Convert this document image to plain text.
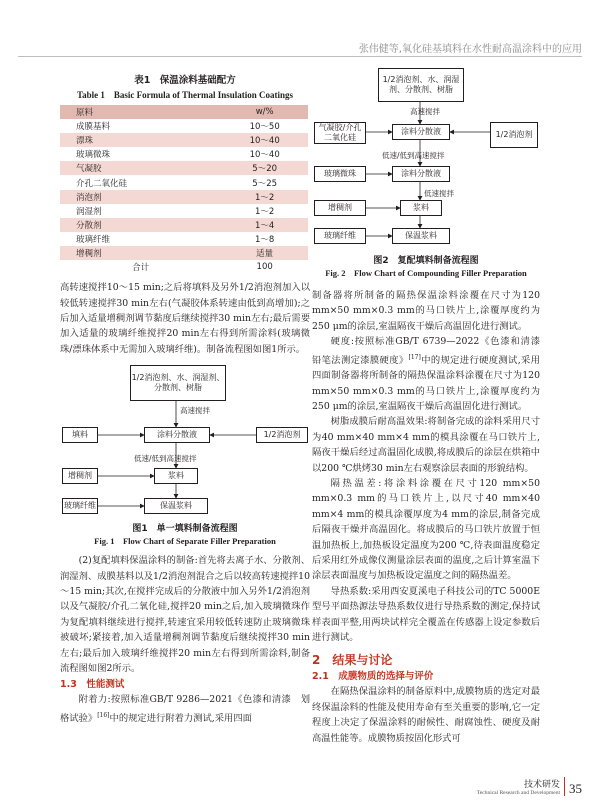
张伟健等,氧化硅基填料在水性耐高温涂料中的应用
表1　保温涂料基础配方
Table 1　Basic Formula of Thermal Insulation Coatings
原料	w/%
成膜基料	10～50
漂珠	10～40
玻璃微珠	10～40
气凝胶	5～20
介孔二氧化硅	5～25
消泡剂	1～2
润湿剂	1～2
分散剂	1～4
玻璃纤维	1～8
增稠剂	适量
合计	100

高转速搅拌10～15 min;之后将填料及另外1/2消泡剂加入以较低转速搅拌30 min左右(气凝胶体系转速由低到高增加);之后加入适量增稠剂调节黏度后继续搅拌30 min左右;最后需要加入适量的玻璃纤维搅拌20 min左右得到所需涂料(玻璃微珠/漂珠体系中无需加入玻璃纤维)。制备流程图如图1所示。

1/2消泡剂、水、润湿剂、分散剂、树脂
高速搅拌
填料	涂料分散液	1/2消泡剂
低速/低到高速搅拌
增稠剂	浆料
玻璃纤维	保温浆料
图1　单一填料制备流程图
Fig. 1　Flow Chart of Separate Filler Preparation

(2)复配填料保温涂料的制备:首先将去离子水、分散剂、润湿剂、成膜基料以及1/2消泡剂混合之后以较高转速搅拌10～15 min;其次,在搅拌完成后的分散液中加入另外1/2消泡剂以及气凝胶/介孔二氧化硅,搅拌20 min之后,加入玻璃微珠作为复配填料继续进行搅拌,转速宜采用较低转速防止玻璃微珠被破坏;紧接着,加入适量增稠剂调节黏度后继续搅拌30 min左右;最后加入玻璃纤维搅拌20 min左右得到所需涂料,制备流程图如图2所示。

1.3　性能测试

附着力:按照标准GB/T 9286—2021《色漆和清漆　划格试验》[16]中的规定进行附着力测试,采用四面

1/2消泡剂、水、润湿剂、分散剂、树脂
高速搅拌
气凝胶/介孔二氧化硅
涂料分散液	1/2消泡剂
低速/低到高速搅拌
玻璃微珠	涂料分散液
低速搅拌
增稠剂	浆料
玻璃纤维	保温浆料
图2　复配填料制备流程图
Fig. 2　Flow Chart of Compounding Filler Preparation

制备器将所制备的隔热保温涂料涂覆在尺寸为120 mm×50 mm×0.3 mm的马口铁片上,涂覆厚度约为250 μm的涂层,室温隔夜干燥后高温固化进行测试。

硬度:按照标准GB/T 6739—2022《色漆和清漆　铅笔法测定漆膜硬度》[17]中的规定进行硬度测试,采用四面制备器将所制备的隔热保温涂料涂覆在尺寸为120 mm×50 mm×0.3 mm的马口铁片上,涂覆厚度约为250 μm的涂层,室温隔夜干燥后高温固化进行测试。

树脂成膜后耐高温效果:将制备完成的涂料采用尺寸为40 mm×40 mm×4 mm的模具涂覆在马口铁片上,隔夜干燥后经过高温固化成膜,将成膜后的涂层在烘箱中以200 ℃烘烤30 min左右观察涂层表面的形貌结构。

隔热温差:将涂料涂覆在尺寸120 mm×50 mm×0.3 mm的马口铁片上,以尺寸40 mm×40 mm×4 mm的模具涂覆厚度为4 mm的涂层,制备完成后隔夜干燥并高温固化。将成膜后的马口铁片放置于恒温加热板上,加热板设定温度为200 ℃,待表面温度稳定后采用红外成像仪测量涂层表面的温度,之后计算室温下涂层表面温度与加热板设定温度之间的隔热温差。

导热系数:采用西安夏溪电子科技公司的TC 5000E型号平面热源法导热系数仪进行导热系数的测定,保持试样表面平整,用两块试样完全覆盖在传感器上设定参数后进行测试。

2　结果与讨论
2.1　成膜物质的选择与评价

在隔热保温涂料的制备原料中,成膜物质的选定对最终保温涂料的性能及使用寿命有至关重要的影响,它一定程度上决定了保温涂料的耐候性、耐腐蚀性、硬度及耐高温性能等。成膜物质按固化形式可

技术研发
Technical Research and Development 35
